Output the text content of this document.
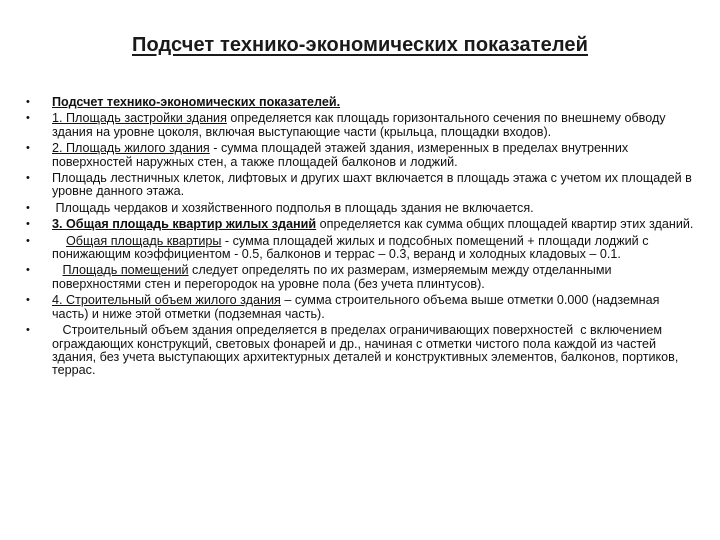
Подсчет технико-экономических показателей
• Подсчет технико-экономических показателей.
• 1. Площадь застройки здания определяется как площадь горизонтального сечения по внешнему обводу здания на уровне цоколя, включая выступающие части (крыльца, площадки входов).
• 2. Площадь жилого здания - сумма площадей этажей здания, измеренных в пределах внутренних поверхностей наружных стен, а также площадей балконов и лоджий.
• Площадь лестничных клеток, лифтовых и других шахт включается в площадь этажа с учетом их площадей в уровне данного этажа.
• Площадь чердаков и хозяйственного подполья в площадь здания не включается.
• 3. Общая площадь квартир жилых зданий определяется как сумма общих площадей квартир этих зданий.
•	Общая площадь квартиры - сумма площадей жилых и подсобных помещений + площади лоджий с понижающим коэффициентом - 0.5, балконов и террас – 0.3, веранд и холодных кладовых – 0.1.
•	Площадь помещений следует определять по их размерам, измеряемым между отделанными поверхностями стен и перегородок на уровне пола (без учета плинтусов).
• 4. Строительный объем жилого здания – сумма строительного объема выше отметки 0.000 (надземная часть) и ниже этой отметки (подземная часть).
• Строительный объем здания определяется в пределах ограничивающих поверхностей  с включением ограждающих конструкций, световых фонарей и др., начиная с отметки чистого пола каждой из частей здания, без учета выступающих архитектурных деталей и конструктивных элементов, балконов, портиков, террас.
